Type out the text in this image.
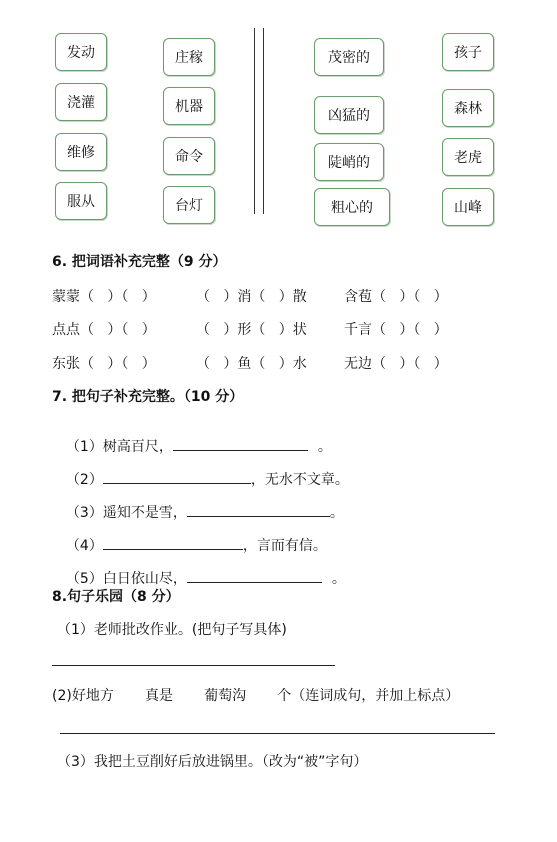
发动
浇灌
维修
服从
庄稼
机器
命令
台灯
茂密的
凶猛的
陡峭的
粗心的
孩子
森林
老虎
山峰
6. 把词语补充完整（9 分）
蒙蒙（   ）（   ）	（   ）消（   ）散	含苞（   ）（   ）
点点（   ）（   ）	（   ）形（   ）状	千言（   ）（   ）
东张（   ）（   ）	（   ）鱼（   ）水	无边（   ）（   ）
7. 把句子补充完整。（10 分）

（1）树高百尺，	。

（2）	，无水不文章。

（3）遥知不是雪，	。

（4）	，言而有信。

（5）白日依山尽，	。

8.句子乐园（8 分）
（1）老师批改作业。(把句子写具体)
(2)好地方       真是       葡萄沟       个（连词成句，并加上标点）
（3）我把土豆削好后放进锅里。（改为“被”字句）
